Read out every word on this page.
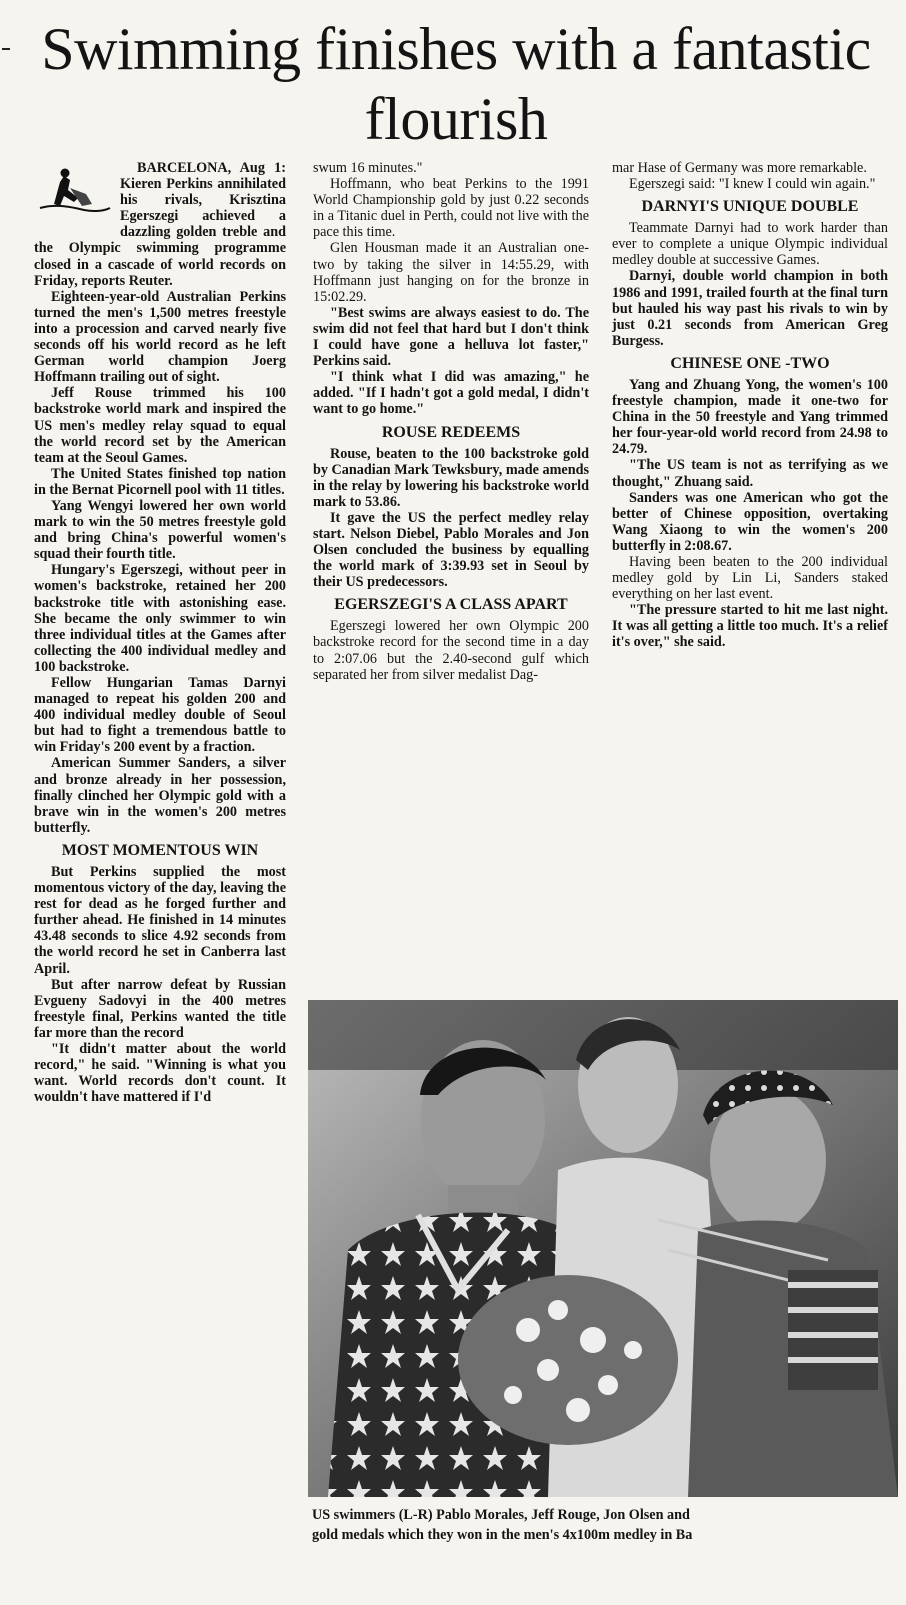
Swimming finishes with a fantastic flourish

BARCELONA, Aug 1: Kieren Perkins annihilated his rivals, Krisztina Egerszegi achieved a dazzling golden treble and the Olympic swimming programme closed in a cascade of world records on Friday, reports Reuter.

Eighteen-year-old Australian Perkins turned the men's 1,500 metres freestyle into a procession and carved nearly five seconds off his world record as he left German world champion Joerg Hoffmann trailing out of sight.

Jeff Rouse trimmed his 100 backstroke world mark and inspired the US men's medley relay squad to equal the world record set by the American team at the Seoul Games.

The United States finished top nation in the Bernat Picornell pool with 11 titles.

Yang Wengyi lowered her own world mark to win the 50 metres freestyle gold and bring China's powerful women's squad their fourth title.

Hungary's Egerszegi, without peer in women's backstroke, retained her 200 backstroke title with astonishing ease. She became the only swimmer to win three individual titles at the Games after collecting the 400 individual medley and 100 backstroke.

Fellow Hungarian Tamas Darnyi managed to repeat his golden 200 and 400 individual medley double of Seoul but had to fight a tremendous battle to win Friday's 200 event by a fraction.

American Summer Sanders, a silver and bronze already in her possession, finally clinched her Olympic gold with a brave win in the women's 200 metres butterfly.

MOST MOMENTOUS WIN

But Perkins supplied the most momentous victory of the day, leaving the rest for dead as he forged further and further ahead. He finished in 14 minutes 43.48 seconds to slice 4.92 seconds from the world record he set in Canberra last April.

But after narrow defeat by Russian Evgueny Sadovyi in the 400 metres freestyle final, Perkins wanted the title far more than the record

"It didn't matter about the world record," he said. "Winning is what you want. World records don't count. It wouldn't have mattered if I'd

swum 16 minutes."

Hoffmann, who beat Perkins to the 1991 World Championship gold by just 0.22 seconds in a Titanic duel in Perth, could not live with the pace this time.

Glen Housman made it an Australian one-two by taking the silver in 14:55.29, with Hoffmann just hanging on for the bronze in 15:02.29.

"Best swims are always easiest to do. The swim did not feel that hard but I don't think I could have gone a helluva lot faster," Perkins said.

"I think what I did was amazing," he added. "If I hadn't got a gold medal, I didn't want to go home."

ROUSE REDEEMS

Rouse, beaten to the 100 backstroke gold by Canadian Mark Tewksbury, made amends in the relay by lowering his backstroke world mark to 53.86.

It gave the US the perfect medley relay start. Nelson Diebel, Pablo Morales and Jon Olsen concluded the business by equalling the world mark of 3:39.93 set in Seoul by their US predecessors.

EGERSZEGI'S A CLASS APART

Egerszegi lowered her own Olympic 200 backstroke record for the second time in a day to 2:07.06 but the 2.40-second gulf which separated her from silver medalist Dag-

mar Hase of Germany was more remarkable.

Egerszegi said: "I knew I could win again."

DARNYI'S UNIQUE DOUBLE

Teammate Darnyi had to work harder than ever to complete a unique Olympic individual medley double at successive Games.

Darnyi, double world champion in both 1986 and 1991, trailed fourth at the final turn but hauled his way past his rivals to win by just 0.21 seconds from American Greg Burgess.

CHINESE ONE -TWO

Yang and Zhuang Yong, the women's 100 freestyle champion, made it one-two for China in the 50 freestyle and Yang trimmed her four-year-old world record from 24.98 to 24.79.

"The US team is not as terrifying as we thought," Zhuang said.

Sanders was one American who got the better of Chinese opposition, overtaking Wang Xiaong to win the women's 200 butterfly in 2:08.67.

Having been beaten to the 200 individual medley gold by Lin Li, Sanders staked everything on her last event.

"The pressure started to hit me last night. It was all getting a little too much. It's a relief it's over," she said.

US swimmers (L-R) Pablo Morales, Jeff Rouge, Jon Olsen and
gold medals which they won in the men's 4x100m medley in Ba
